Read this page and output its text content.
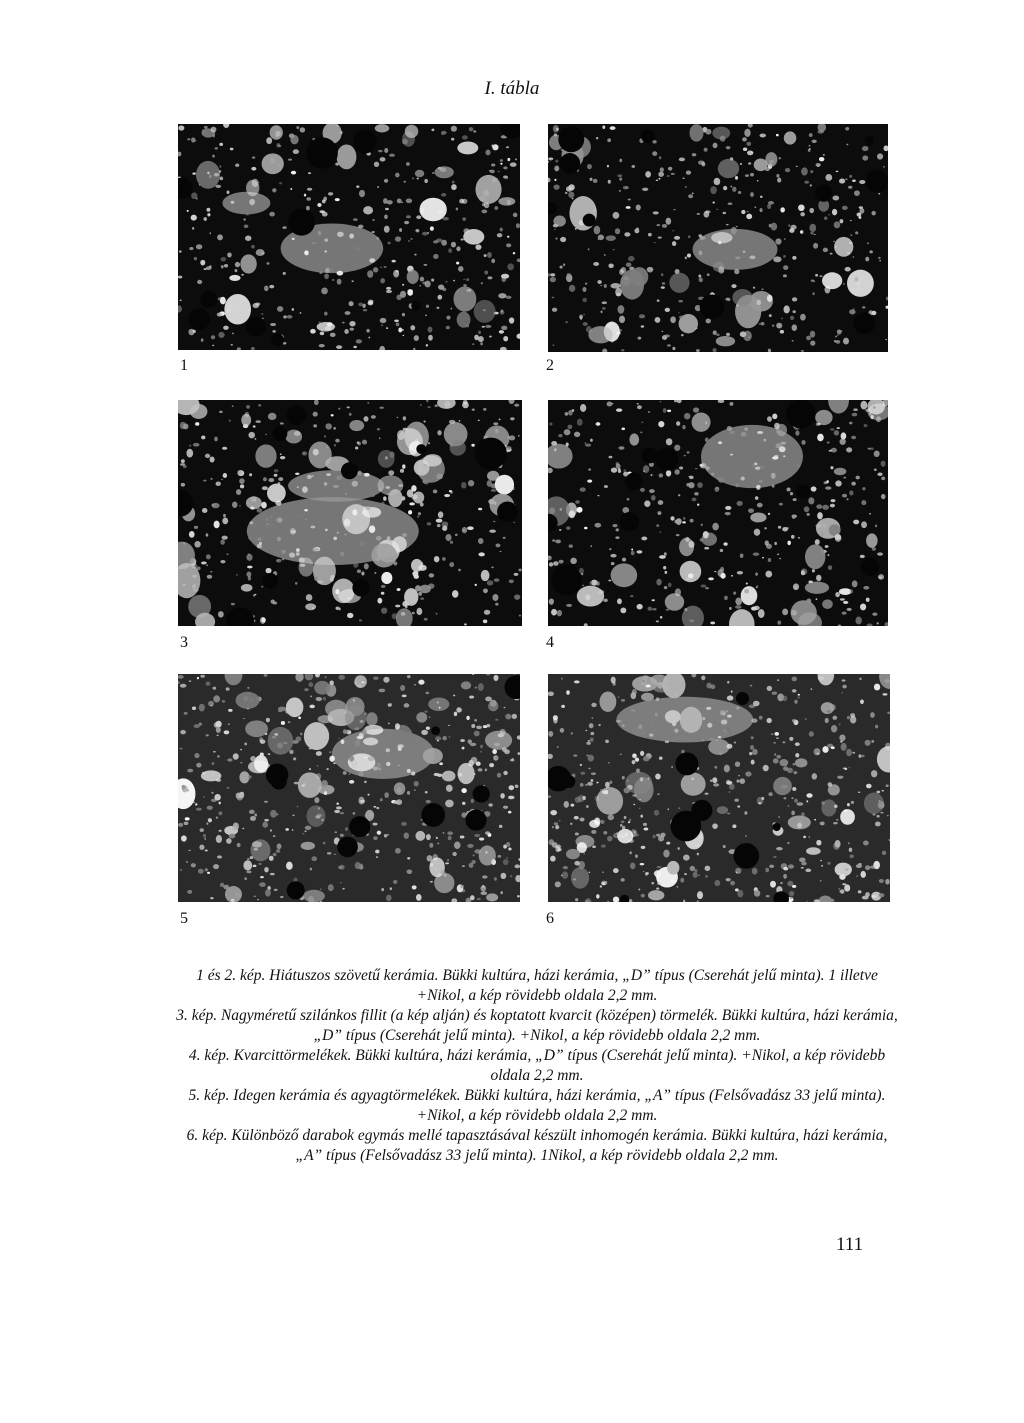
I. tábla
1	2
3	4
5	6

1 és 2. kép. Hiátuszos szövetű kerámia. Bükki kultúra, házi kerámia, „D” típus (Cserehát jelű minta). 1 illetve +Nikol, a kép rövidebb oldala 2,2 mm.

3. kép. Nagyméretű szilánkos fillit (a kép alján) és koptatott kvarcit (középen) törmelék. Bükki kultúra, házi kerámia, „D” típus (Cserehát jelű minta). +Nikol, a kép rövidebb oldala 2,2 mm.

4. kép. Kvarcittörmelékek. Bükki kultúra, házi kerámia, „D” típus (Cserehát jelű minta). +Nikol, a kép rövidebb oldala 2,2 mm.

5. kép. Idegen kerámia és agyagtörmelékek. Bükki kultúra, házi kerámia, „A” típus (Felsővadász 33 jelű minta). +Nikol, a kép rövidebb oldala 2,2 mm.

6. kép. Különböző darabok egymás mellé tapasztásával készült inhomogén kerámia. Bükki kultúra, házi kerámia, „A” típus (Felsővadász 33 jelű minta). 1Nikol, a kép rövidebb oldala 2,2 mm.

111
